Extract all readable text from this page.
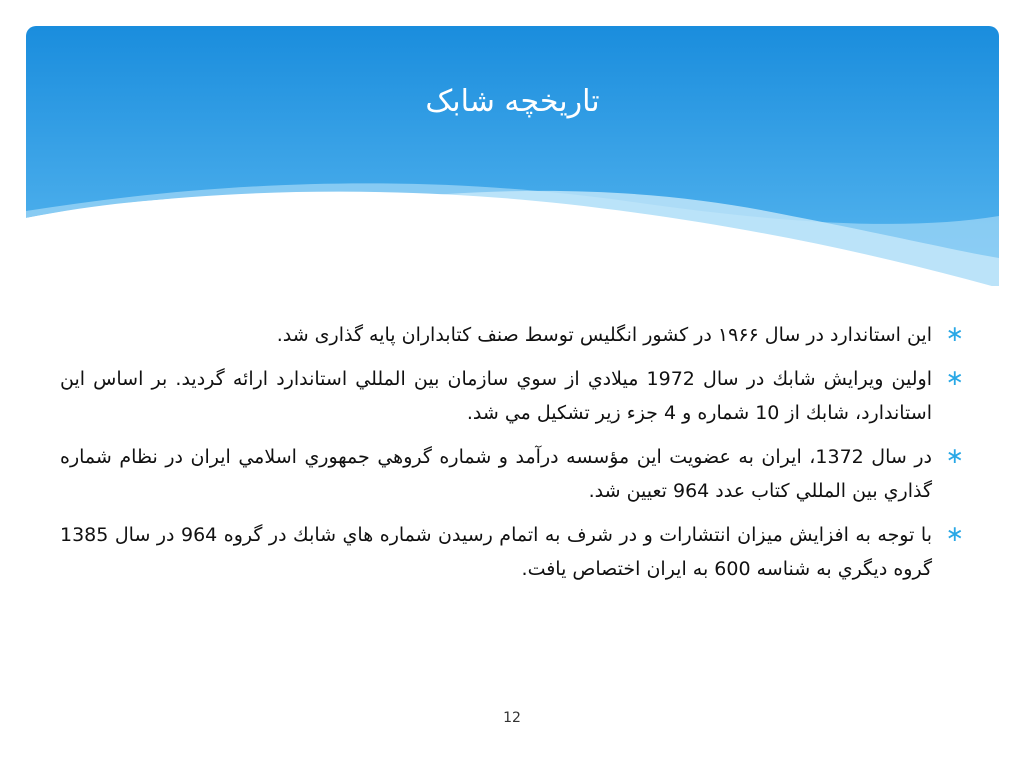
تاریخچه شابک
∗
این استاندارد در سال ۱۹۶۶ در کشور انگلیس توسط صنف کتابداران پایه گذاری شد.
∗
اولين ويرايش شابك در سال 1972 ميلادي از سوي سازمان بين المللي استاندارد ارائه گرديد. بر اساس اين استاندارد، شابك از 10 شماره و 4 جزء زير تشكيل مي شد.
∗
در سال 1372، ايران به عضويت اين مؤسسه درآمد و شماره گروهي جمهوري اسلامي ايران در نظام شماره گذاري بين المللي كتاب عدد 964 تعيين شد.
∗
با توجه به افزايش ميزان انتشارات و در شرف به اتمام رسيدن شماره هاي شابك در گروه 964 در سال 1385 گروه ديگري به شناسه 600 به ايران اختصاص يافت.
12
